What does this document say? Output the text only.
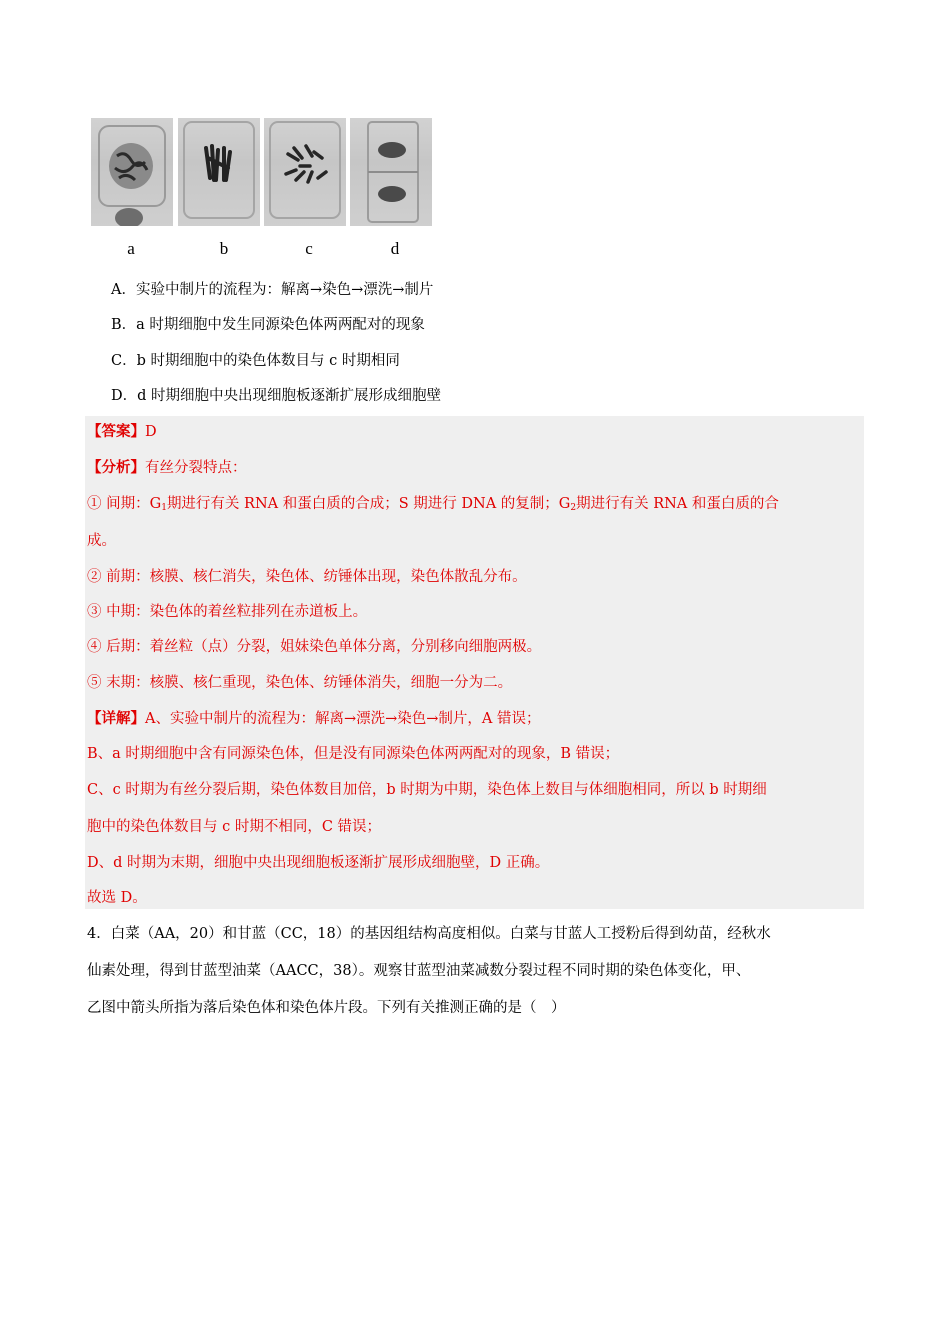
a	b	c	d
A．实验中制片的流程为：解离→染色→漂洗→制片
B．a 时期细胞中发生同源染色体两两配对的现象
C．b 时期细胞中的染色体数目与 c 时期相同
D．d 时期细胞中央出现细胞板逐渐扩展形成细胞壁
【答案】D
【分析】有丝分裂特点：
① 间期：$G_1$期进行有关 RNA 和蛋白质的合成；S 期进行 DNA 的复制；$G_2$期进行有关 RNA 和蛋白质的合
成。
② 前期：核膜、核仁消失，染色体、纺锤体出现，染色体散乱分布。
③ 中期：染色体的着丝粒排列在赤道板上。
④ 后期：着丝粒（点）分裂，姐妹染色单体分离，分别移向细胞两极。
⑤ 末期：核膜、核仁重现，染色体、纺锤体消失，细胞一分为二。
【详解】A、实验中制片的流程为：解离→漂洗→染色→制片，A 错误；
B、a 时期细胞中含有同源染色体，但是没有同源染色体两两配对的现象，B 错误；
C、c 时期为有丝分裂后期，染色体数目加倍，b 时期为中期，染色体上数目与体细胞相同，所以 b 时期细
胞中的染色体数目与 c 时期不相同，C 错误；
D、d 时期为末期，细胞中央出现细胞板逐渐扩展形成细胞壁，D 正确。
故选 D。
4．白菜（AA，20）和甘蓝（CC，18）的基因组结构高度相似。白菜与甘蓝人工授粉后得到幼苗，经秋水
仙素处理，得到甘蓝型油菜（AACC，38）。观察甘蓝型油菜减数分裂过程不同时期的染色体变化，甲、
乙图中箭头所指为落后染色体和染色体片段。下列有关推测正确的是（　）
